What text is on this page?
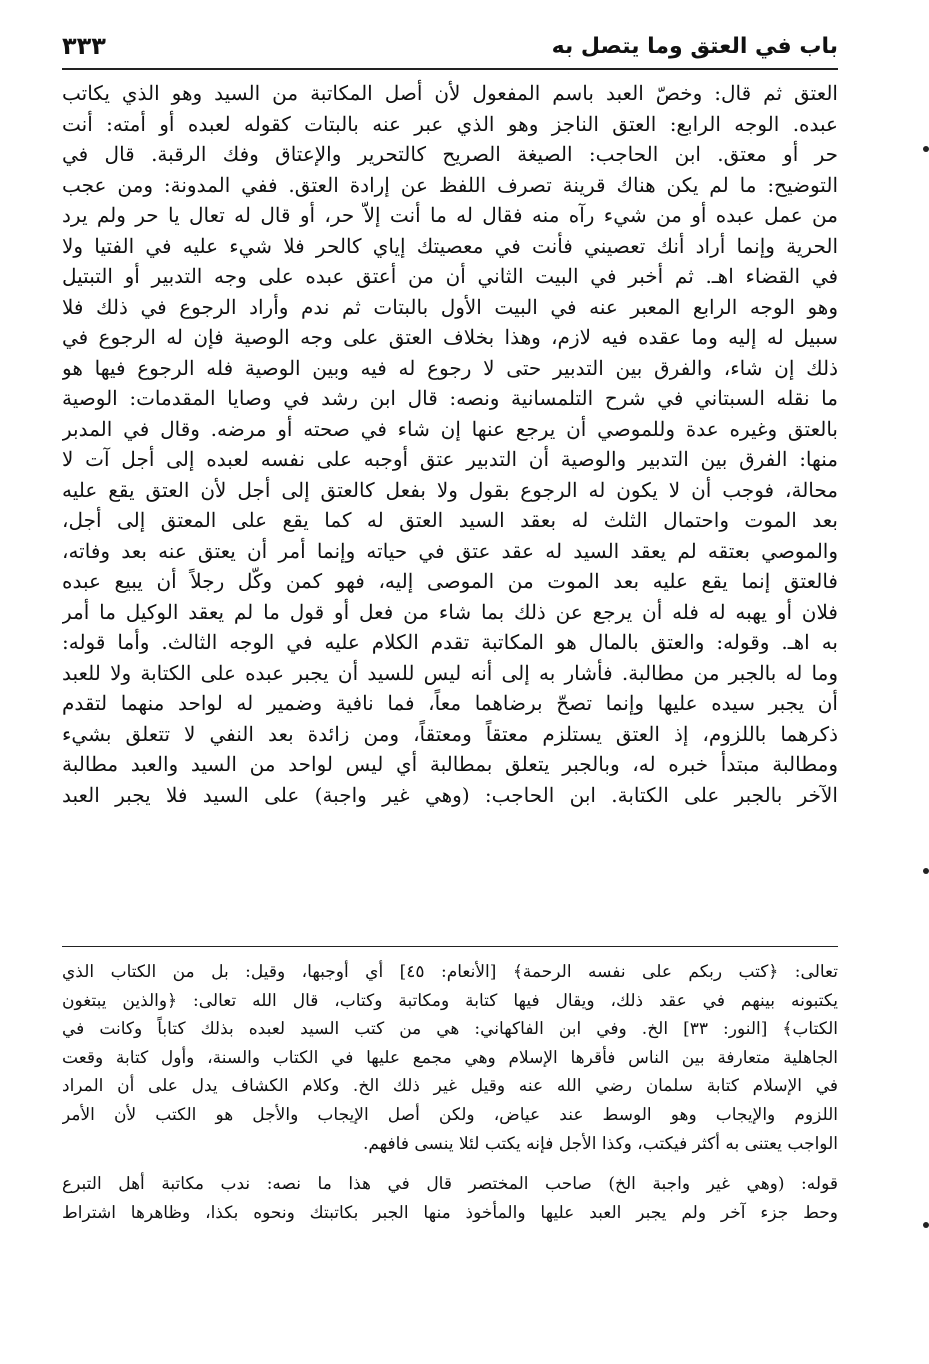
باب في العتق وما يتصل به
٣٣٣
العتق ثم قال: وخصّ العبد باسم المفعول لأن أصل المكاتبة من السيد وهو الذي يكاتب
عبده. الوجه الرابع: العتق الناجز وهو الذي عبر عنه بالبتات كقوله لعبده أو أمته: أنت
حر أو معتق. ابن الحاجب: الصيغة الصريح كالتحرير والإعتاق وفك الرقبة. قال في
التوضيح: ما لم يكن هناك قرينة تصرف اللفظ عن إرادة العتق. ففي المدونة: ومن عجب
من عمل عبده أو من شيء رآه منه فقال له ما أنت إلاّ حر، أو قال له تعال يا حر ولم يرد
الحرية وإنما أراد أنك تعصيني فأنت في معصيتك إياي كالحر فلا شيء عليه في الفتيا ولا
في القضاء اهـ. ثم أخبر في البيت الثاني أن من أعتق عبده على وجه التدبير أو التبتيل
وهو الوجه الرابع المعبر عنه في البيت الأول بالبتات ثم ندم وأراد الرجوع في ذلك فلا
سبيل له إليه وما عقده فيه لازم، وهذا بخلاف العتق على وجه الوصية فإن له الرجوع في
ذلك إن شاء، والفرق بين التدبير حتى لا رجوع له فيه وبين الوصية فله الرجوع فيها هو
ما نقله السبتاني في شرح التلمسانية ونصه: قال ابن رشد في وصايا المقدمات: الوصية
بالعتق وغيره عدة وللموصي أن يرجع عنها إن شاء في صحته أو مرضه. وقال في المدبر
منها: الفرق بين التدبير والوصية أن التدبير عتق أوجبه على نفسه لعبده إلى أجل آت لا
محالة، فوجب أن لا يكون له الرجوع بقول ولا بفعل كالعتق إلى أجل لأن العتق يقع عليه
بعد الموت واحتمال الثلث له بعقد السيد العتق له كما يقع على المعتق إلى أجل،
والموصي بعتقه لم يعقد السيد له عقد عتق في حياته وإنما أمر أن يعتق عنه بعد وفاته،
فالعتق إنما يقع عليه بعد الموت من الموصى إليه، فهو كمن وكّل رجلاً أن يبيع عبده
فلان أو يهبه له فله أن يرجع عن ذلك بما شاء من فعل أو قول ما لم يعقد الوكيل ما أمر
به اهـ. وقوله: والعتق بالمال هو المكاتبة تقدم الكلام عليه في الوجه الثالث. وأما قوله:
وما له بالجبر من مطالبة. فأشار به إلى أنه ليس للسيد أن يجبر عبده على الكتابة ولا للعبد
أن يجبر سيده عليها وإنما تصحّ برضاهما معاً، فما نافية وضمير له لواحد منهما لتقدم
ذكرهما باللزوم، إذ العتق يستلزم معتقاً ومعتقاً، ومن زائدة بعد النفي لا تتعلق بشيء
ومطالبة مبتدأ خبره له، وبالجبر يتعلق بمطالبة أي ليس لواحد من السيد والعبد مطالبة
الآخر بالجبر على الكتابة. ابن الحاجب: (وهي غير واجبة) على السيد فلا يجبر العبد
تعالى: ﴿كتب ربكم على نفسه الرحمة﴾ [الأنعام: ٤٥] أي أوجبها، وقيل: بل من الكتاب الذي
يكتبونه بينهم في عقد ذلك، ويقال فيها كتابة ومكاتبة وكتاب، قال الله تعالى: ﴿والذين يبتغون
الكتاب﴾ [النور: ٣٣] الخ. وفي ابن الفاكهاني: هي من كتب السيد لعبده بذلك كتاباً وكانت في
الجاهلية متعارفة بين الناس فأقرها الإسلام وهي مجمع عليها في الكتاب والسنة، وأول كتابة وقعت
في الإسلام كتابة سلمان رضي الله عنه وقيل غير ذلك الخ. وكلام الكشاف يدل على أن المراد
اللزوم والإيجاب وهو الوسط عند عياض، ولكن أصل الإيجاب والأجل هو الكتب لأن الأمر
الواجب يعتنى به أكثر فيكتب، وكذا الأجل فإنه يكتب لئلا ينسى فافهم.
قوله: (وهي غير واجبة الخ) صاحب المختصر قال في هذا ما نصه: ندب مكاتبة أهل التبرع
وحط جزء آخر ولم يجبر العبد عليها والمأخوذ منها الجبر بكاتبتك ونحوه بكذا، وظاهرها اشتراط
